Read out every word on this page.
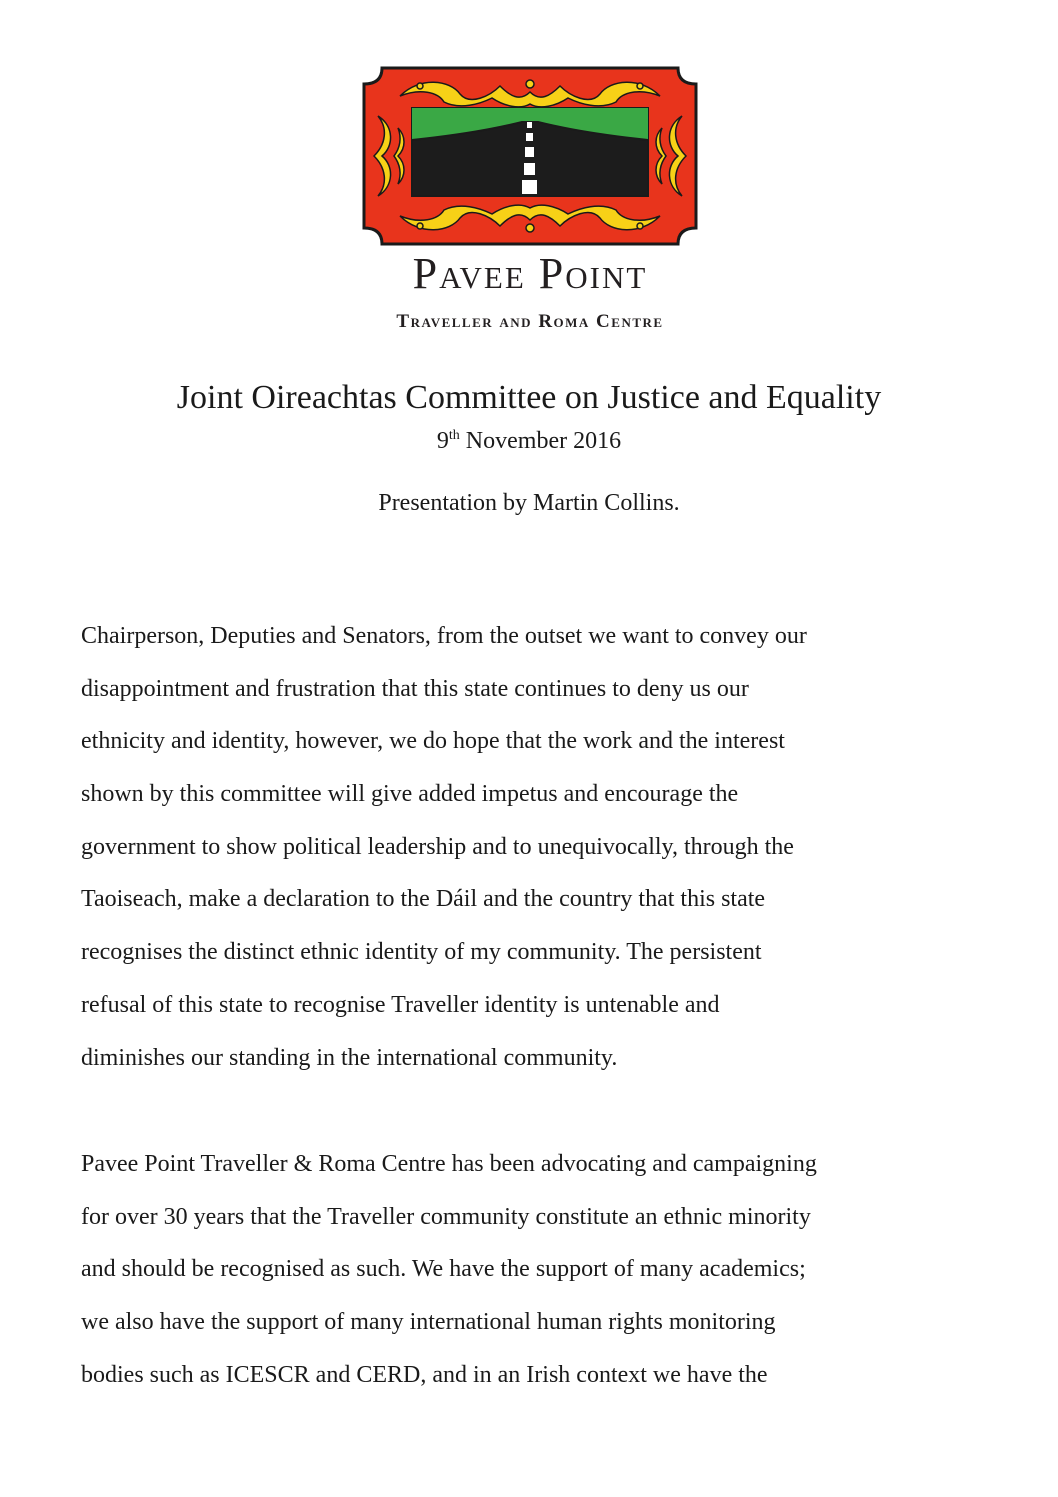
Pavee Point
Traveller and Roma Centre
Joint Oireachtas Committee on Justice and Equality
9th November 2016
Presentation by Martin Collins.
Chairperson, Deputies and Senators, from the outset we want to convey our
disappointment and frustration that this state continues to deny us our
ethnicity and identity, however, we do hope that the work and the interest
shown by this committee will give added impetus and encourage the
government to show political leadership and to unequivocally, through the
Taoiseach, make a declaration to the Dáil and the country that this state
recognises the distinct ethnic identity of my community. The persistent
refusal of this state to recognise Traveller identity is untenable and
diminishes our standing in the international community.
Pavee Point Traveller & Roma Centre has been advocating and campaigning
for over 30 years that the Traveller community constitute an ethnic minority
and should be recognised as such. We have the support of many academics;
we also have the support of many international human rights monitoring
bodies such as ICESCR and CERD, and in an Irish context we have the
